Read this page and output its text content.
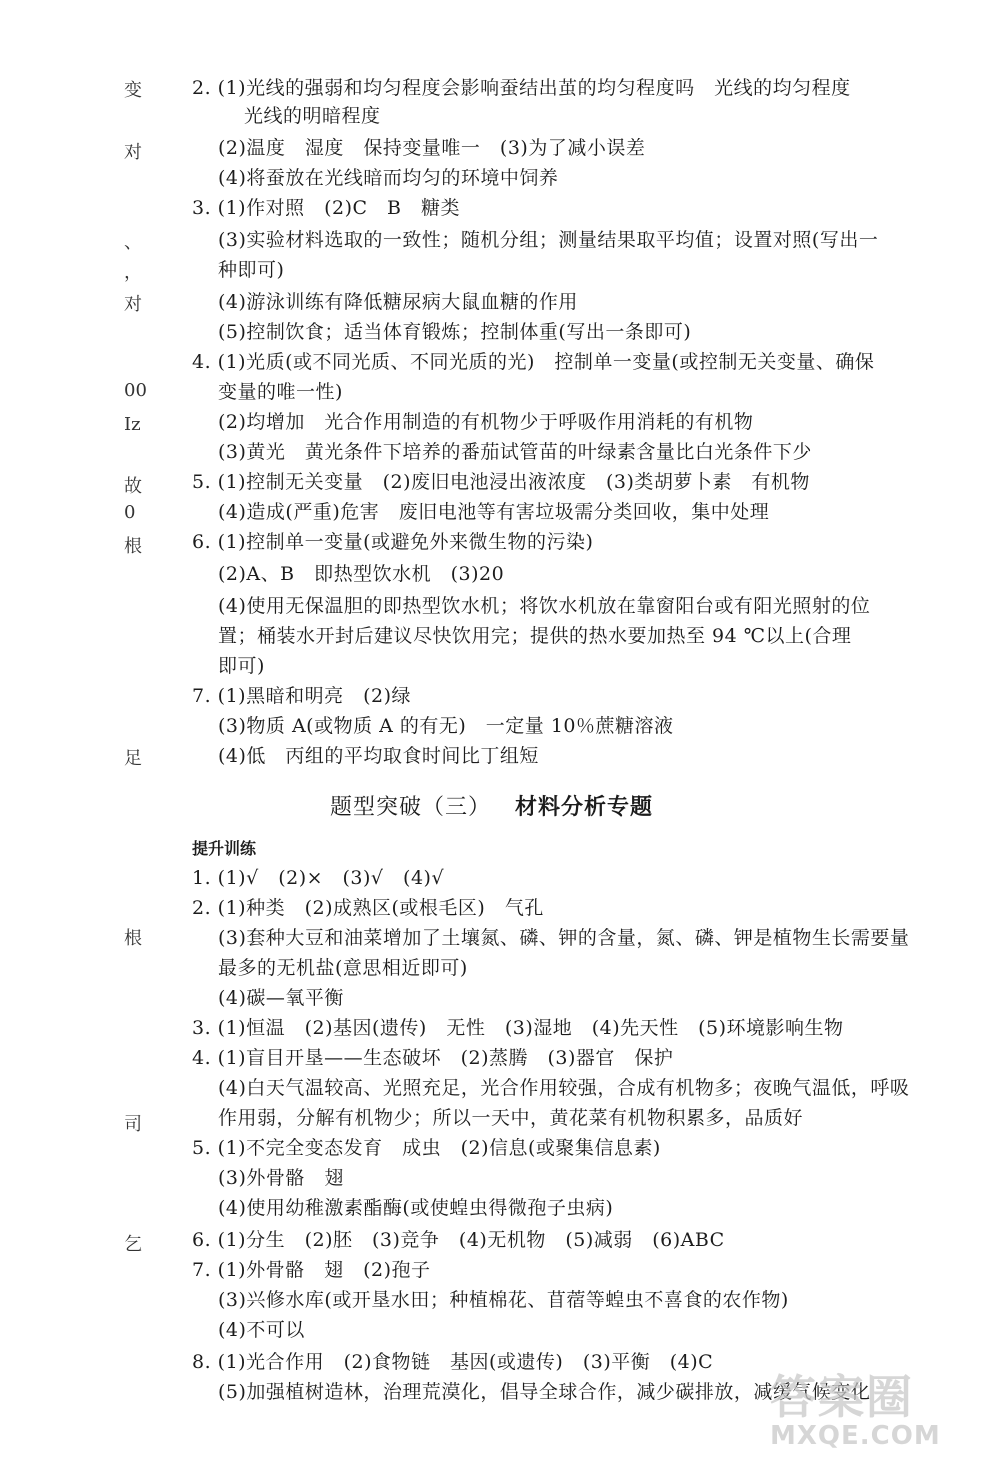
变
对
、
，
对
00
Iz
故
0
根
足
根
司
乞
2. (1)光线的强弱和均匀程度会影响蚕结出茧的均匀程度吗　光线的均匀程度
光线的明暗程度
(2)温度　湿度　保持变量唯一　(3)为了减小误差
(4)将蚕放在光线暗而均匀的环境中饲养
3. (1)作对照　(2)C　B　糖类
(3)实验材料选取的一致性；随机分组；测量结果取平均值；设置对照(写出一
种即可)
(4)游泳训练有降低糖尿病大鼠血糖的作用
(5)控制饮食；适当体育锻炼；控制体重(写出一条即可)
4. (1)光质(或不同光质、不同光质的光)　控制单一变量(或控制无关变量、确保
变量的唯一性)
(2)均增加　光合作用制造的有机物少于呼吸作用消耗的有机物
(3)黄光　黄光条件下培养的番茄试管苗的叶绿素含量比白光条件下少
5. (1)控制无关变量　(2)废旧电池浸出液浓度　(3)类胡萝卜素　有机物
(4)造成(严重)危害　废旧电池等有害垃圾需分类回收，集中处理
6. (1)控制单一变量(或避免外来微生物的污染)
(2)A、B　即热型饮水机　(3)20
(4)使用无保温胆的即热型饮水机；将饮水机放在靠窗阳台或有阳光照射的位
置；桶装水开封后建议尽快饮用完；提供的热水要加热至 94 ℃以上(合理
即可)
7. (1)黑暗和明亮　(2)绿
(3)物质 A(或物质 A 的有无)　一定量 10％蔗糖溶液
(4)低　丙组的平均取食时间比丁组短
题型突破（三） 材料分析专题
提升训练
1. (1)√　(2)×　(3)√　(4)√
2. (1)种类　(2)成熟区(或根毛区)　气孔
(3)套种大豆和油菜增加了土壤氮、磷、钾的含量，氮、磷、钾是植物生长需要量
最多的无机盐(意思相近即可)
(4)碳—氧平衡
3. (1)恒温　(2)基因(遗传)　无性　(3)湿地　(4)先天性　(5)环境影响生物
4. (1)盲目开垦——生态破坏　(2)蒸腾　(3)器官　保护
(4)白天气温较高、光照充足，光合作用较强，合成有机物多；夜晚气温低，呼吸
作用弱，分解有机物少；所以一天中，黄花菜有机物积累多，品质好
5. (1)不完全变态发育　成虫　(2)信息(或聚集信息素)
(3)外骨骼　翅
(4)使用幼稚激素酯酶(或使蝗虫得微孢子虫病)
6. (1)分生　(2)胚　(3)竞争　(4)无机物　(5)减弱　(6)ABC
7. (1)外骨骼　翅　(2)孢子
(3)兴修水库(或开垦水田；种植棉花、苜蓿等蝗虫不喜食的农作物)
(4)不可以
8. (1)光合作用　(2)食物链　基因(或遗传)　(3)平衡　(4)C
(5)加强植树造林，治理荒漠化，倡导全球合作，减少碳排放，减缓气候变化
答案圈
MXQE.COM
